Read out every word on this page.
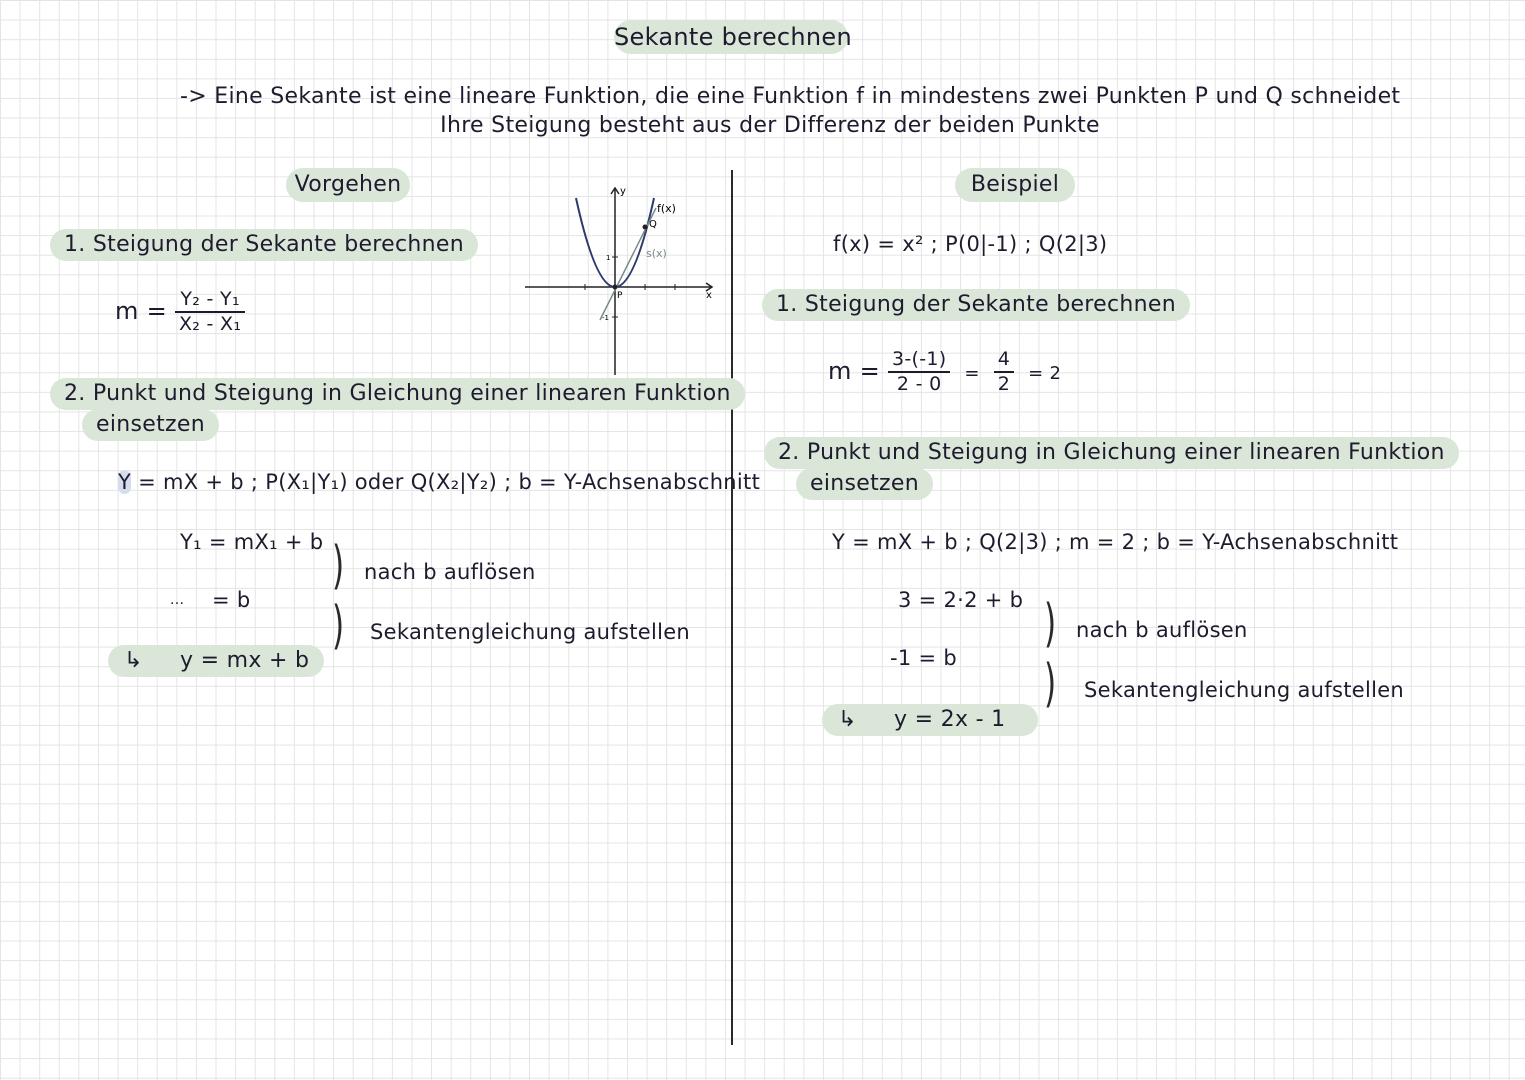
Sekante berechnen
-> Eine Sekante ist eine lineare Funktion, die eine Funktion f in mindestens zwei Punkten P und Q schneidet
Ihre Steigung besteht aus der Differenz der beiden Punkte
Vorgehen
1. Steigung der Sekante berechnen
$m = \frac{\text{Y₂ - Y₁}}{\text{X₂ - X₁}}$
2. Punkt und Steigung in Gleichung einer linearen Funktion
einsetzen
Y = mX + b ; P(X₁|Y₁) oder Q(X₂|Y₂) ; b = Y-Achsenabschnitt
Y₁ = mX₁ + b
... = b
)
)
nach b auflösen
Sekantengleichung aufstellen
↳ y = mx + b
y
x
f(x)
s(x)
Q
P
1
-1
Beispiel
f(x) = x² ; P(0|-1) ; Q(2|3)
1. Steigung der Sekante berechnen
$m = \frac{3-(-1)}{2 - 0} = \frac{4}{2} = 2$
2. Punkt und Steigung in Gleichung einer linearen Funktion
einsetzen
Y = mX + b ; Q(2|3) ; m = 2 ; b = Y-Achsenabschnitt
3 = 2·2 + b
-1 = b
)
)
nach b auflösen
Sekantengleichung aufstellen
↳ y = 2x - 1
